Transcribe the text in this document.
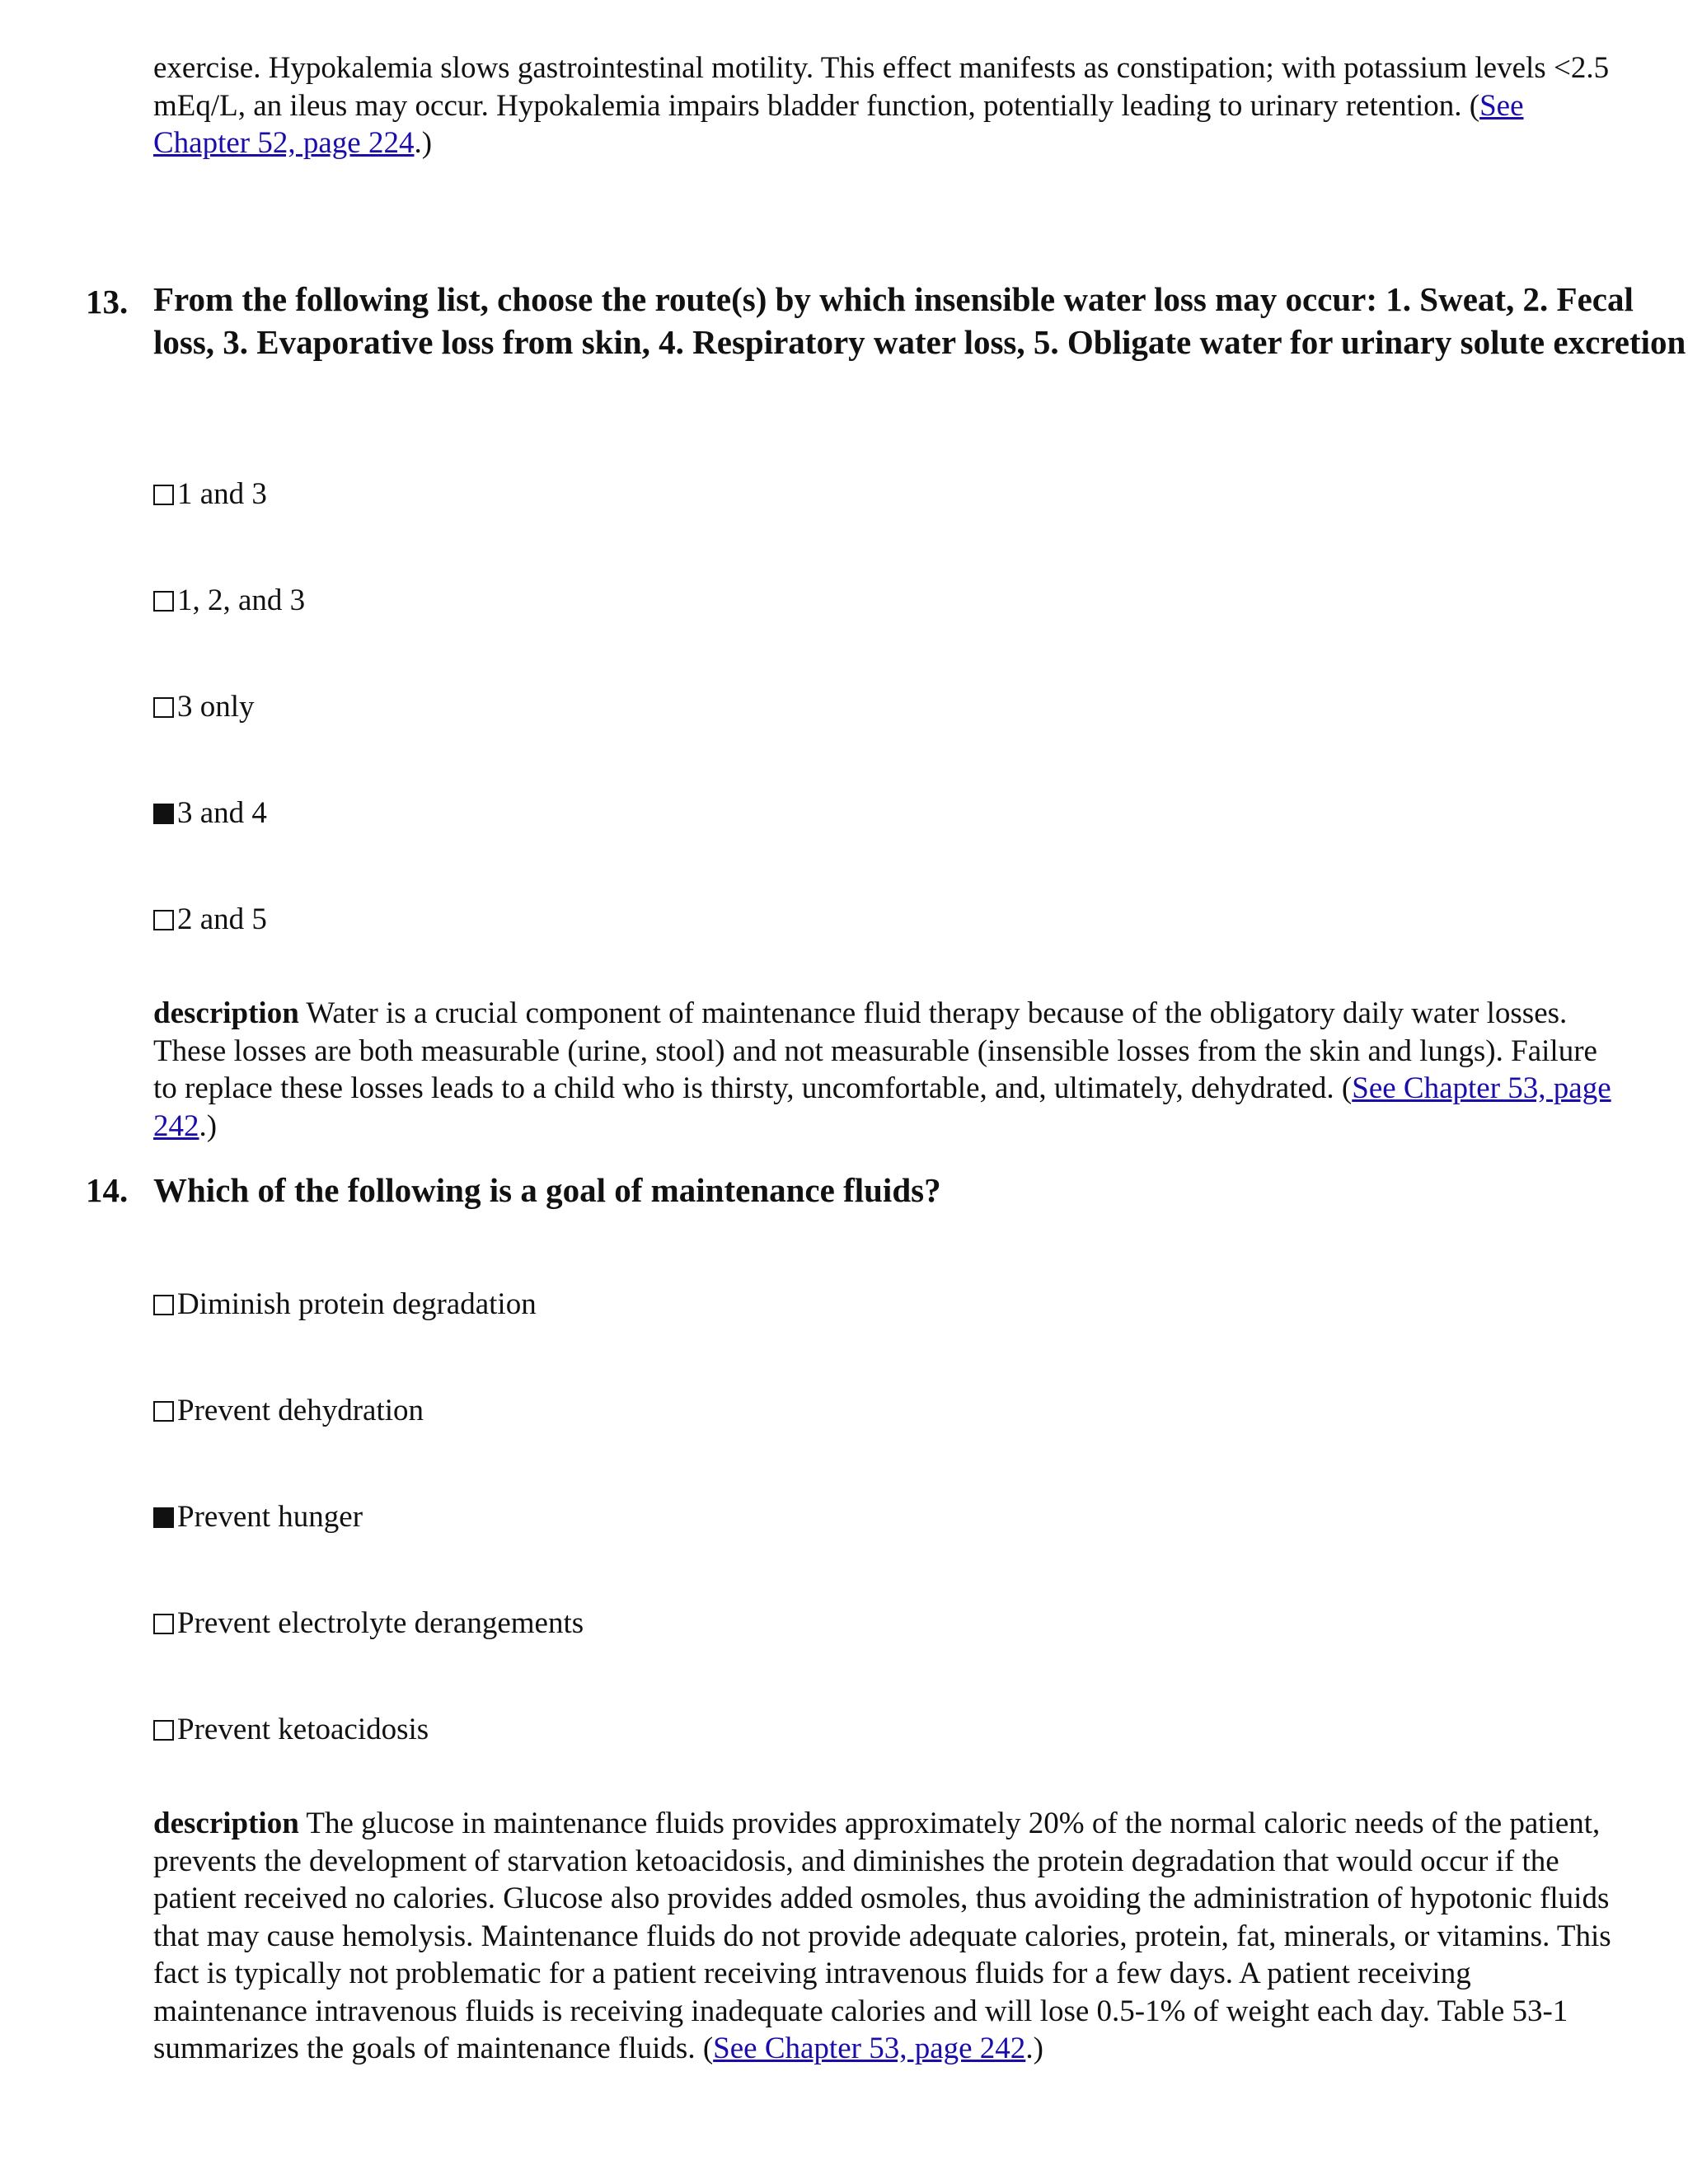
exercise. Hypokalemia slows gastrointestinal motility. This effect manifests as constipation; with potassium levels <2.5 mEq/L, an ileus may occur. Hypokalemia impairs bladder function, potentially leading to urinary retention. (See Chapter 52, page 224.)

13. From the following list, choose the route(s) by which insensible water loss may occur: 1. Sweat, 2. Fecal loss, 3. Evaporative loss from skin, 4. Respiratory water loss, 5. Obligate water for urinary solute excretion

1 and 3
1, 2, and 3
3 only
3 and 4
2 and 5

description Water is a crucial component of maintenance fluid therapy because of the obligatory daily water losses. These losses are both measurable (urine, stool) and not measurable (insensible losses from the skin and lungs). Failure to replace these losses leads to a child who is thirsty, uncomfortable, and, ultimately, dehydrated. (See Chapter 53, page 242.)

14. Which of the following is a goal of maintenance fluids?

Diminish protein degradation
Prevent dehydration
Prevent hunger
Prevent electrolyte derangements
Prevent ketoacidosis

description The glucose in maintenance fluids provides approximately 20% of the normal caloric needs of the patient, prevents the development of starvation ketoacidosis, and diminishes the protein degradation that would occur if the patient received no calories. Glucose also provides added osmoles, thus avoiding the administration of hypotonic fluids that may cause hemolysis. Maintenance fluids do not provide adequate calories, protein, fat, minerals, or vitamins. This fact is typically not problematic for a patient receiving intravenous fluids for a few days. A patient receiving maintenance intravenous fluids is receiving inadequate calories and will lose 0.5-1% of weight each day. Table 53-1 summarizes the goals of maintenance fluids. (See Chapter 53, page 242.)
